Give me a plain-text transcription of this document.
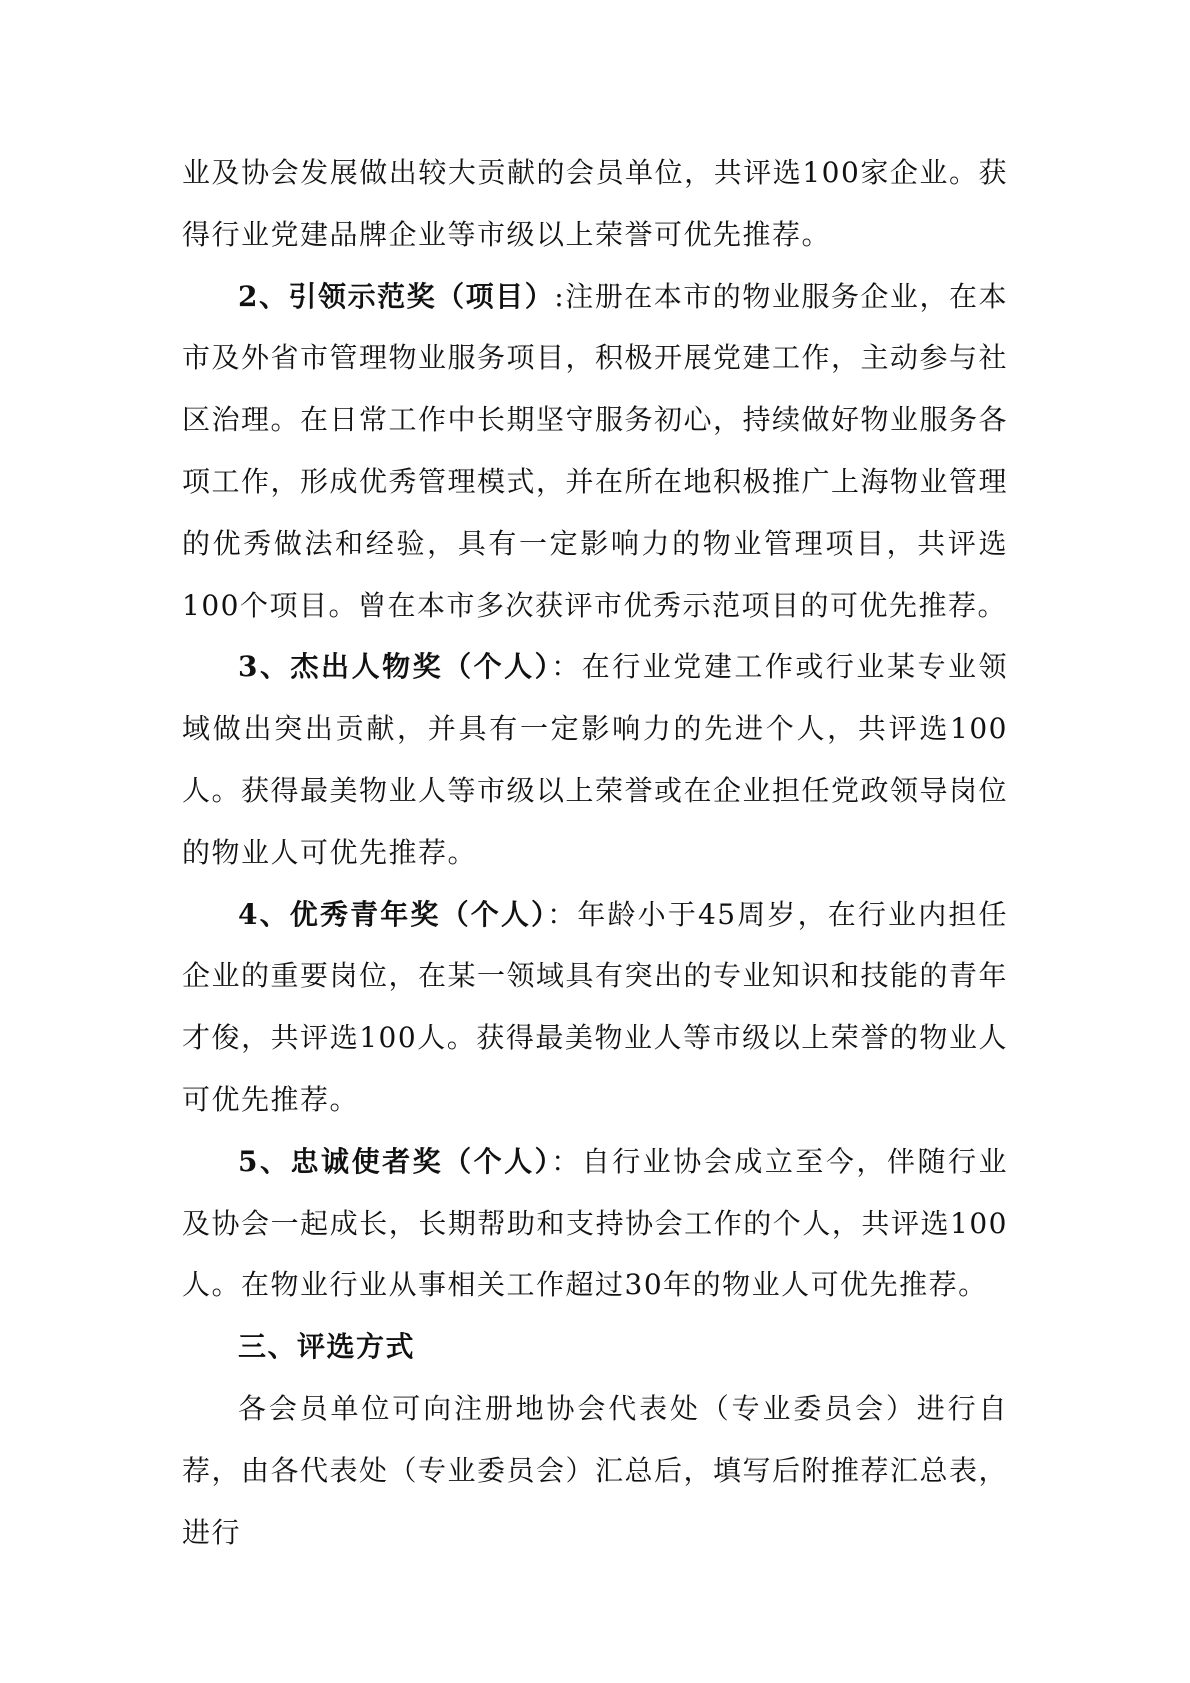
业及协会发展做出较大贡献的会员单位，共评选100家企业。获得行业党建品牌企业等市级以上荣誉可优先推荐。

2、引领示范奖（项目）:注册在本市的物业服务企业，在本市及外省市管理物业服务项目，积极开展党建工作，主动参与社区治理。在日常工作中长期坚守服务初心，持续做好物业服务各项工作，形成优秀管理模式，并在所在地积极推广上海物业管理的优秀做法和经验，具有一定影响力的物业管理项目，共评选100个项目。曾在本市多次获评市优秀示范项目的可优先推荐。

3、杰出人物奖（个人）：在行业党建工作或行业某专业领域做出突出贡献，并具有一定影响力的先进个人，共评选100人。获得最美物业人等市级以上荣誉或在企业担任党政领导岗位的物业人可优先推荐。

4、优秀青年奖（个人）：年龄小于45周岁，在行业内担任企业的重要岗位，在某一领域具有突出的专业知识和技能的青年才俊，共评选100人。获得最美物业人等市级以上荣誉的物业人可优先推荐。

5、忠诚使者奖（个人）：自行业协会成立至今，伴随行业及协会一起成长，长期帮助和支持协会工作的个人，共评选100人。在物业行业从事相关工作超过30年的物业人可优先推荐。

三、评选方式

各会员单位可向注册地协会代表处（专业委员会）进行自荐，由各代表处（专业委员会）汇总后，填写后附推荐汇总表，进行
